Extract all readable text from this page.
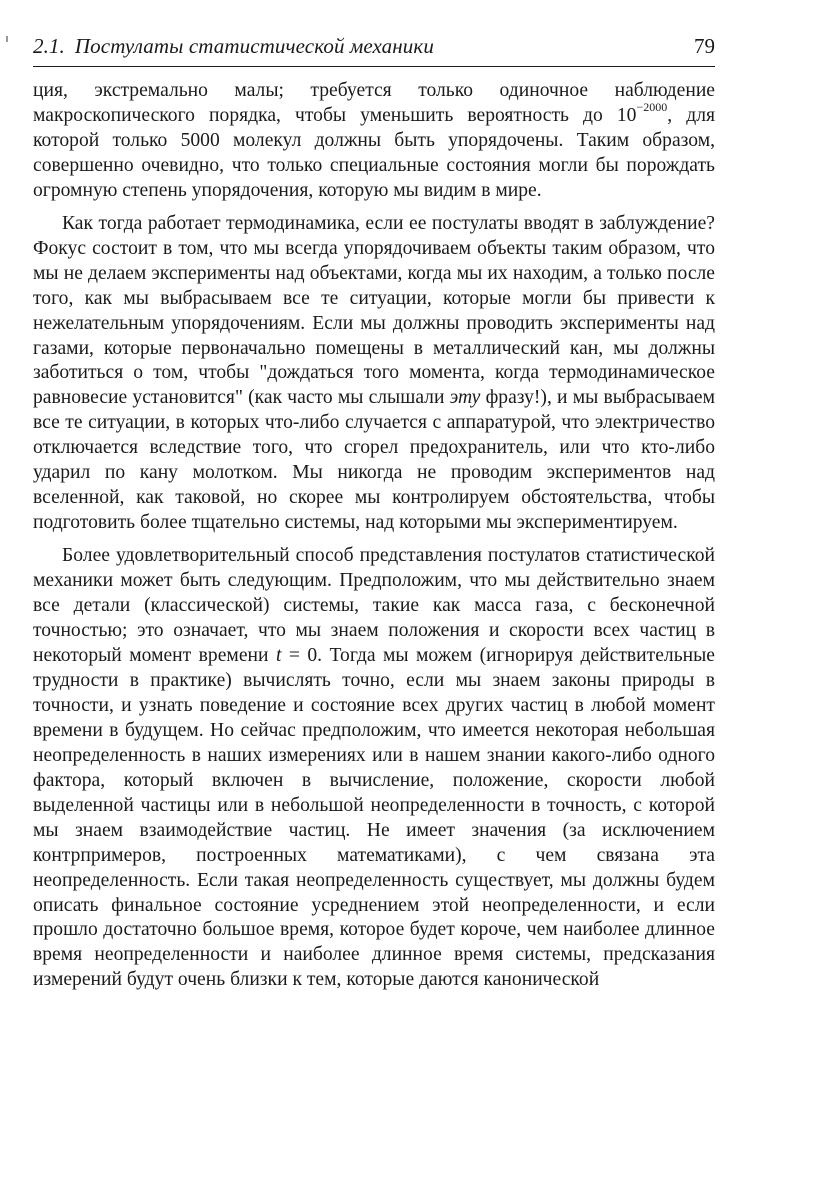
2.1. Постулаты статистической механики	79

ция, экстремально малы; требуется только одиночное наблюдение макроскопического порядка, чтобы уменьшить вероятность до $10^{-2000}$, для которой только 5000 молекул должны быть упорядочены. Таким образом, совершенно очевидно, что только специальные состояния могли бы порождать огромную степень упорядочения, которую мы видим в мире.

Как тогда работает термодинамика, если ее постулаты вводят в заблуждение? Фокус состоит в том, что мы всегда упорядочиваем объекты таким образом, что мы не делаем эксперименты над объектами, когда мы их находим, а только после того, как мы выбрасываем все те ситуации, которые могли бы привести к нежелательным упорядочениям. Если мы должны проводить эксперименты над газами, которые первоначально помещены в металлический кан, мы должны заботиться о том, чтобы "дождаться того момента, когда термодинамическое равновесие установится" (как часто мы слышали эту фразу!), и мы выбрасываем все те ситуации, в которых что-либо случается с аппаратурой, что электричество отключается вследствие того, что сгорел предохранитель, или что кто-либо ударил по кану молотком. Мы никогда не проводим экспериментов над вселенной, как таковой, но скорее мы контролируем обстоятельства, чтобы подготовить более тщательно системы, над которыми мы экспериментируем.

Более удовлетворительный способ представления постулатов статистической механики может быть следующим. Предположим, что мы действительно знаем все детали (классической) системы, такие как масса газа, с бесконечной точностью; это означает, что мы знаем положения и скорости всех частиц в некоторый момент времени t = 0. Тогда мы можем (игнорируя действительные трудности в практике) вычислять точно, если мы знаем законы природы в точности, и узнать поведение и состояние всех других частиц в любой момент времени в будущем. Но сейчас предположим, что имеется некоторая небольшая неопределенность в наших измерениях или в нашем знании какого-либо одного фактора, который включен в вычисление, положение, скорости любой выделенной частицы или в небольшой неопределенности в точность, с которой мы знаем взаимодействие частиц. Не имеет значения (за исключением контрпримеров, построенных математиками), с чем связана эта неопределенность. Если такая неопределенность существует, мы должны будем описать финальное состояние усреднением этой неопределенности, и если прошло достаточно большое время, которое будет короче, чем наиболее длинное время неопределенности и наиболее длинное время системы, предсказания измерений будут очень близки к тем, которые даются канонической
